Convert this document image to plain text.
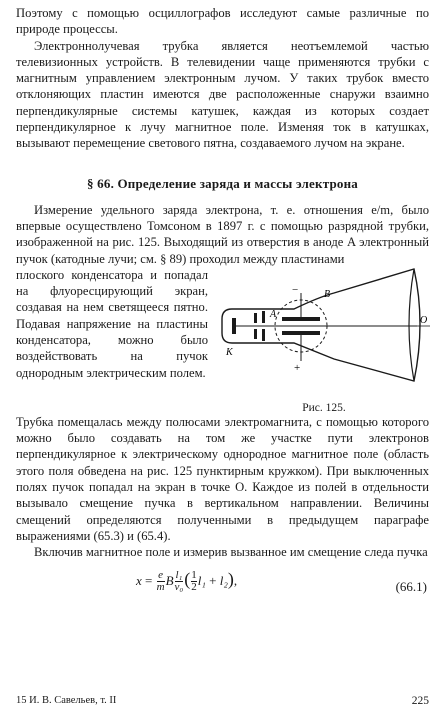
Поэтому с помощью осциллографов исследуют самые различные по природе процессы.

Электроннолучевая трубка является неотъемлемой частью телевизионных устройств. В телевидении чаще применяются трубки с магнитным управлением электронным лучом. У таких трубок вместо отклоняющих пластин имеются две расположенные снаружи взаимно перпендикулярные системы катушек, каждая из которых создает перпендикулярное к лучу магнитное поле. Изменяя ток в катушках, вызывают перемещение светового пятна, создаваемого лучом на экране.

§ 66. Определение заряда и массы электрона

Измерение удельного заряда электрона, т. е. отношения e/m, было впервые осуществлено Томсоном в 1897 г. с помощью разрядной трубки, изображенной на рис. 125. Выходящий из отверстия в аноде A электронный пучок (катодные лучи; см. § 89) проходил между пластинами

плоского конденсатора и попадал на флуоресцирующий экран, создавая на нем светящееся пятно. Подавая напряжение на пластины конденсатора, можно было воздействовать на пучок однородным электрическим полем.

K
A
B
O
−
+
Рис. 125.

Трубка помещалась между полюсами электромагнита, с помощью которого можно было создавать на том же участке пути электронов перпендикулярное к электрическому однородное магнитное поле (область этого поля обведена на рис. 125 пунктирным кружком). При выключенных полях пучок попадал на экран в точке O. Каждое из полей в отдельности вызывало смещение пучка в вертикальном направлении. Величины смещений определяются полученными в предыдущем параграфе выражениями (65.3) и (65.4).

Включив магнитное поле и измерив вызванное им смещение следа пучка

$x = \frac{e}{m}$ B $\frac{\text{l₁}}{\text{v₀}}$ ( $\frac{1}{2} l_1 + l_2$),	(66.1)
15 И. В. Савельев, т. II	225
